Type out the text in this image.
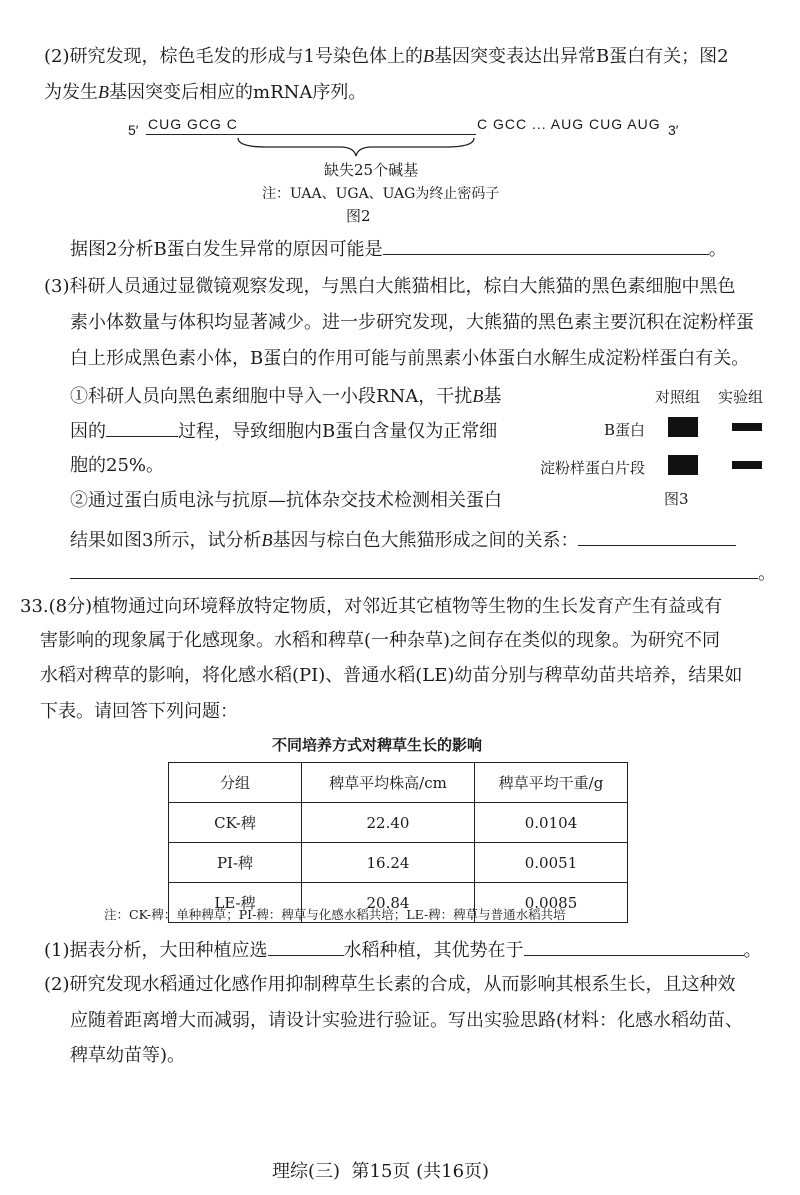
(2)研究发现，棕色毛发的形成与1号染色体上的B基因突变表达出异常B蛋白有关；图2
为发生B基因突变后相应的mRNA序列。
5′ CUG GCG C	C GCC ... AUG CUG AUG 3′
缺失25个碱基
注：UAA、UGA、UAG为终止密码子
图2
据图2分析B蛋白发生异常的原因可能是	。
(3)科研人员通过显微镜观察发现，与黑白大熊猫相比，棕白大熊猫的黑色素细胞中黑色
素小体数量与体积均显著减少。进一步研究发现，大熊猫的黑色素主要沉积在淀粉样蛋
白上形成黑色素小体，B蛋白的作用可能与前黑素小体蛋白水解生成淀粉样蛋白有关。
①科研人员向黑色素细胞中导入一小段RNA，干扰B基
因的	过程，导致细胞内B蛋白含量仅为正常细
胞的25%。
②通过蛋白质电泳与抗原—抗体杂交技术检测相关蛋白
结果如图3所示，试分析B基因与棕白色大熊猫形成之间的关系：
。
对照组 实验组
B蛋白
淀粉样蛋白片段
图3
33.(8分)植物通过向环境释放特定物质，对邻近其它植物等生物的生长发育产生有益或有
害影响的现象属于化感现象。水稻和稗草(一种杂草)之间存在类似的现象。为研究不同
水稻对稗草的影响，将化感水稻(PI)、普通水稻(LE)幼苗分别与稗草幼苗共培养，结果如
下表。请回答下列问题：
不同培养方式对稗草生长的影响
分组	稗草平均株高/cm	稗草平均干重/g
CK-稗	22.40	0.0104
PI-稗	16.24	0.0051
LE-稗	20.84	0.0085
注：CK-稗：单种稗草；PI-稗：稗草与化感水稻共培；LE-稗：稗草与普通水稻共培
(1)据表分析，大田种植应选	水稻种植，其优势在于	。
(2)研究发现水稻通过化感作用抑制稗草生长素的合成，从而影响其根系生长，且这种效
应随着距离增大而减弱，请设计实验进行验证。写出实验思路(材料：化感水稻幼苗、
稗草幼苗等)。
理综(三)  第15页 (共16页)
